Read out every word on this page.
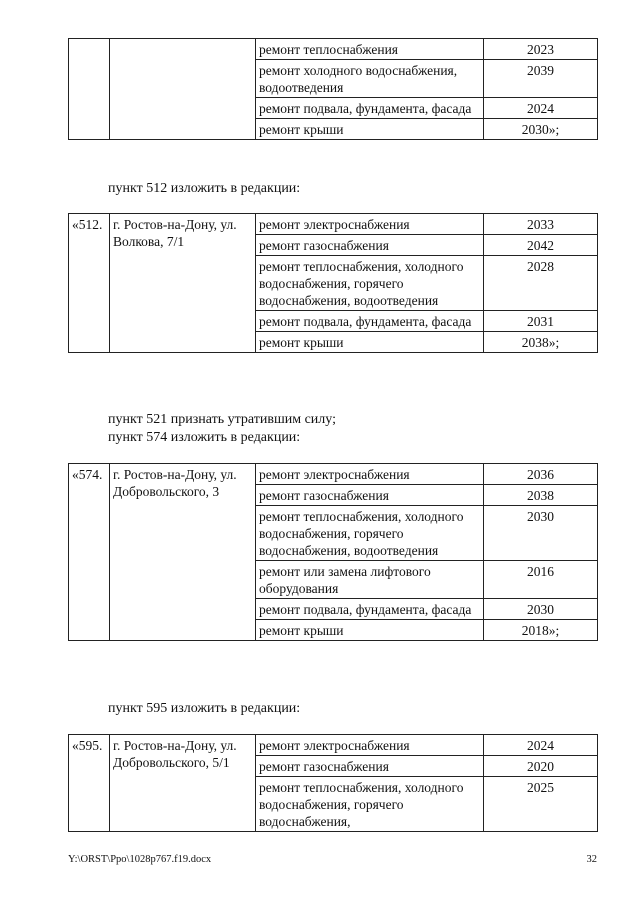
		ремонт теплоснабжения	2023
		ремонт холодного водоснабжения, водоотведения	2039
		ремонт подвала, фундамента, фасада	2024
		ремонт крыши	2030»;
пункт 512 изложить в редакции:
«512.	г. Ростов-на-Дону, ул. Волкова, 7/1	ремонт электроснабжения	2033
		ремонт газоснабжения	2042
		ремонт теплоснабжения, холодного водоснабжения, горячего водоснабжения, водоотведения	2028
		ремонт подвала, фундамента, фасада	2031
		ремонт крыши	2038»;
пункт 521 признать утратившим силу;
пункт 574 изложить в редакции:
«574.	г. Ростов-на-Дону, ул. Добровольского, 3	ремонт электроснабжения	2036
		ремонт газоснабжения	2038
		ремонт теплоснабжения, холодного водоснабжения, горячего водоснабжения, водоотведения	2030
		ремонт или замена лифтового оборудования	2016
		ремонт подвала, фундамента, фасада	2030
		ремонт крыши	2018»;
пункт 595 изложить в редакции:
«595.	г. Ростов-на-Дону, ул. Добровольского, 5/1	ремонт электроснабжения	2024
		ремонт газоснабжения	2020
		ремонт теплоснабжения, холодного водоснабжения, горячего водоснабжения,	2025
Y:\ORST\Ppo\1028p767.f19.docx	32
